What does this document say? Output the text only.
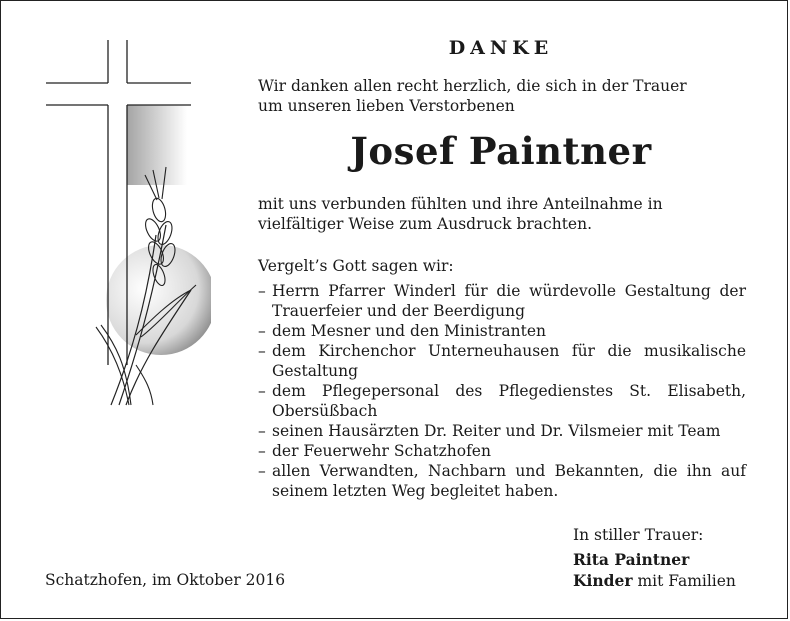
DANKE
Wir danken allen recht herzlich, die sich in der Trauer
um unseren lieben Verstorbenen
Josef Paintner
mit uns verbunden fühlten und ihre Anteilnahme in
vielfältiger Weise zum Ausdruck brachten.
Vergelt’s Gott sagen wir:
– Herrn Pfarrer Winderl für die würdevolle Gestaltung der Trauerfeier und der Beerdigung
– dem Mesner und den Ministranten
– dem Kirchenchor Unterneuhausen für die musikalische Gestaltung
– dem Pflegepersonal des Pflegedienstes St. Elisabeth, Obersüßbach
– seinen Hausärzten Dr. Reiter und Dr. Vilsmeier mit Team
– der Feuerwehr Schatzhofen
– allen Verwandten, Nachbarn und Bekannten, die ihn auf seinem letzten Weg begleitet haben.
In stiller Trauer:
Rita Paintner
Kinder mit Familien
Schatzhofen, im Oktober 2016
